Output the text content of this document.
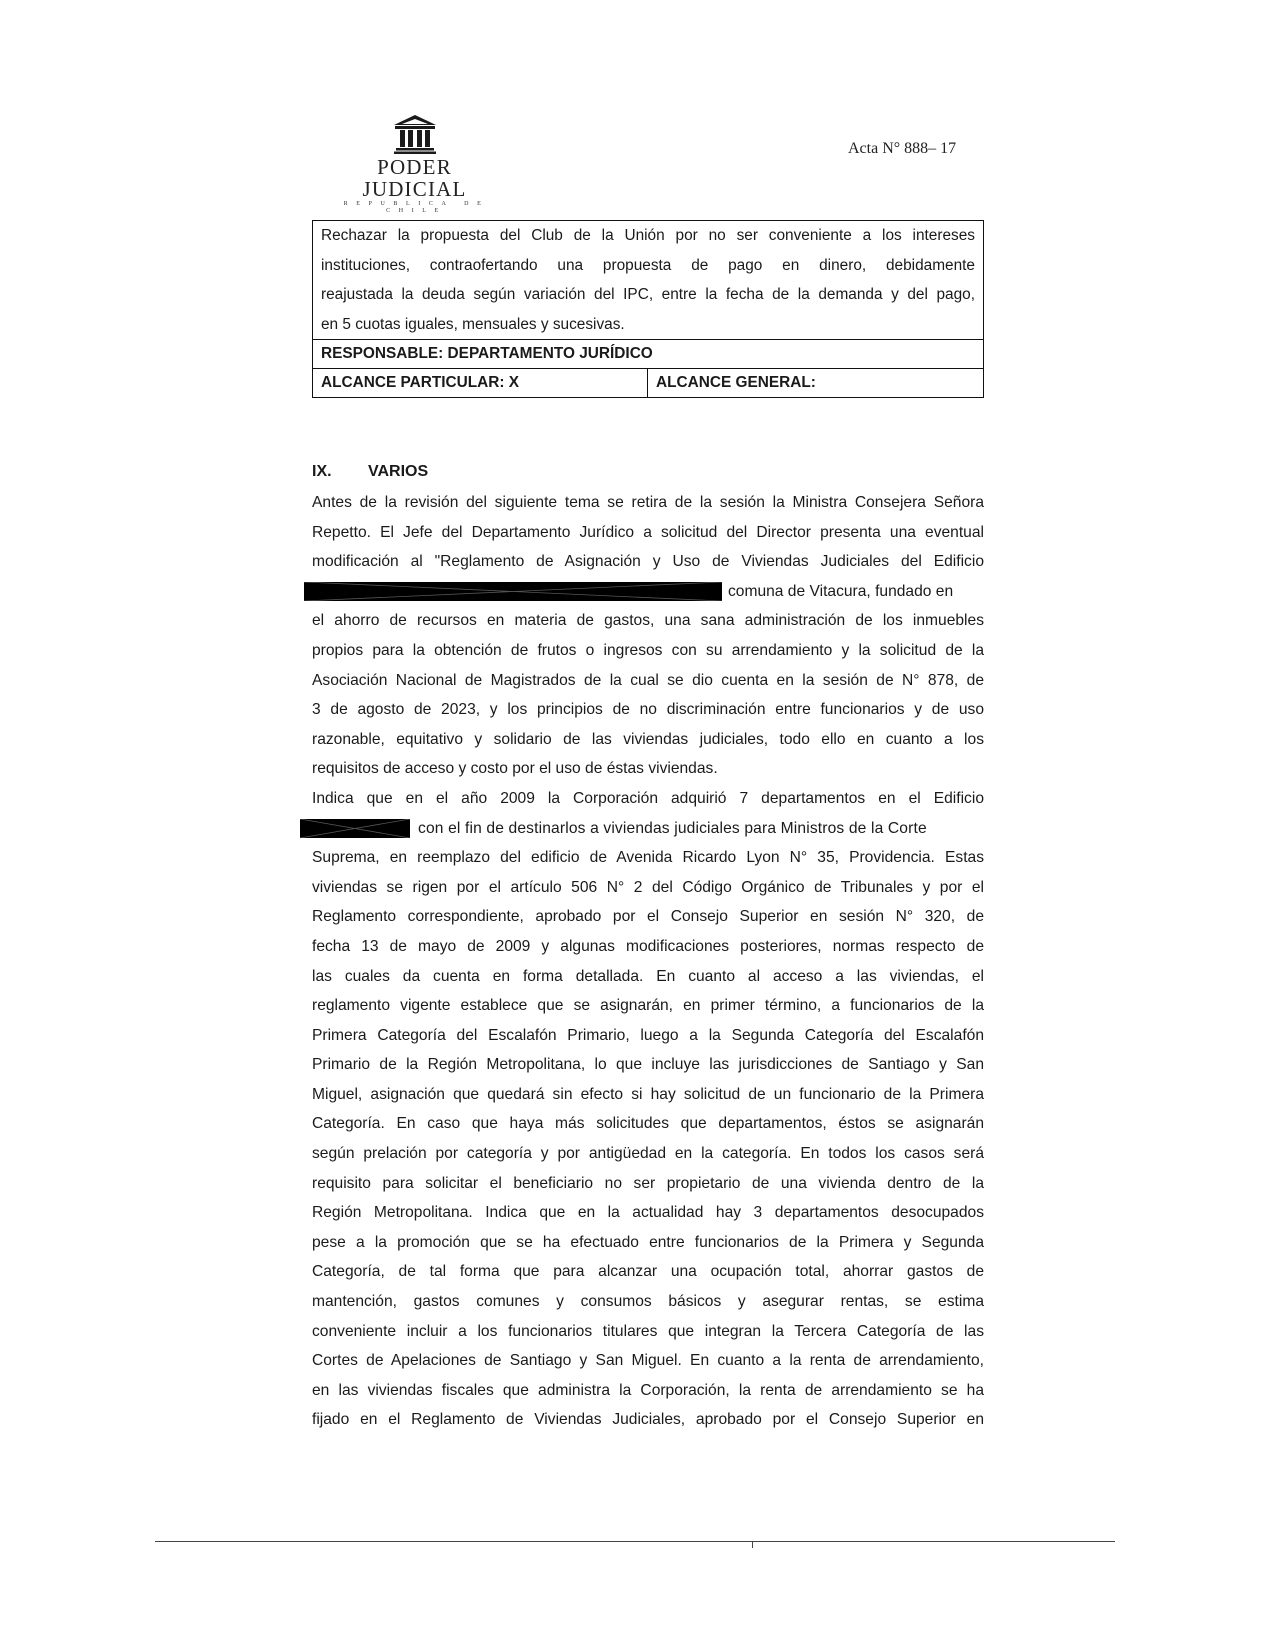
PODER JUDICIAL
REPUBLICA DE CHILE
Acta N° 888– 17
Rechazar la propuesta del Club de la Unión por no ser conveniente a los intereses
instituciones, contraofertando una propuesta de pago en dinero, debidamente
reajustada la deuda según variación del IPC, entre la fecha de la demanda y del pago,
en 5 cuotas iguales, mensuales y sucesivas.

RESPONSABLE: DEPARTAMENTO JURÍDICO
ALCANCE PARTICULAR: X	ALCANCE GENERAL:
IX. VARIOS
Antes de la revisión del siguiente tema se retira de la sesión la Ministra Consejera Señora
Repetto. El Jefe del Departamento Jurídico a solicitud del Director presenta una eventual
modificación al "Reglamento de Asignación y Uso de Viviendas Judiciales del Edificio
comuna de Vitacura, fundado en
el ahorro de recursos en materia de gastos, una sana administración de los inmuebles
propios para la obtención de frutos o ingresos con su arrendamiento y la solicitud de la
Asociación Nacional de Magistrados de la cual se dio cuenta en la sesión de N° 878, de
3 de agosto de 2023, y los principios de no discriminación entre funcionarios y de uso
razonable, equitativo y solidario de las viviendas judiciales, todo ello en cuanto a los
requisitos de acceso y costo por el uso de éstas viviendas.
Indica que en el año 2009 la Corporación adquirió 7 departamentos en el Edificio
con el fin de destinarlos a viviendas judiciales para Ministros de la Corte
Suprema, en reemplazo del edificio de Avenida Ricardo Lyon N° 35, Providencia. Estas
viviendas se rigen por el artículo 506 N° 2 del Código Orgánico de Tribunales y por el
Reglamento correspondiente, aprobado por el Consejo Superior en sesión N° 320, de
fecha 13 de mayo de 2009 y algunas modificaciones posteriores, normas respecto de
las cuales da cuenta en forma detallada. En cuanto al acceso a las viviendas, el
reglamento vigente establece que se asignarán, en primer término, a funcionarios de la
Primera Categoría del Escalafón Primario, luego a la Segunda Categoría del Escalafón
Primario de la Región Metropolitana, lo que incluye las jurisdicciones de Santiago y San
Miguel, asignación que quedará sin efecto si hay solicitud de un funcionario de la Primera
Categoría. En caso que haya más solicitudes que departamentos, éstos se asignarán
según prelación por categoría y por antigüedad en la categoría. En todos los casos será
requisito para solicitar el beneficiario no ser propietario de una vivienda dentro de la
Región Metropolitana. Indica que en la actualidad hay 3 departamentos desocupados
pese a la promoción que se ha efectuado entre funcionarios de la Primera y Segunda
Categoría, de tal forma que para alcanzar una ocupación total, ahorrar gastos de
mantención, gastos comunes y consumos básicos y asegurar rentas, se estima
conveniente incluir a los funcionarios titulares que integran la Tercera Categoría de las
Cortes de Apelaciones de Santiago y San Miguel. En cuanto a la renta de arrendamiento,
en las viviendas fiscales que administra la Corporación, la renta de arrendamiento se ha
fijado en el Reglamento de Viviendas Judiciales, aprobado por el Consejo Superior en
